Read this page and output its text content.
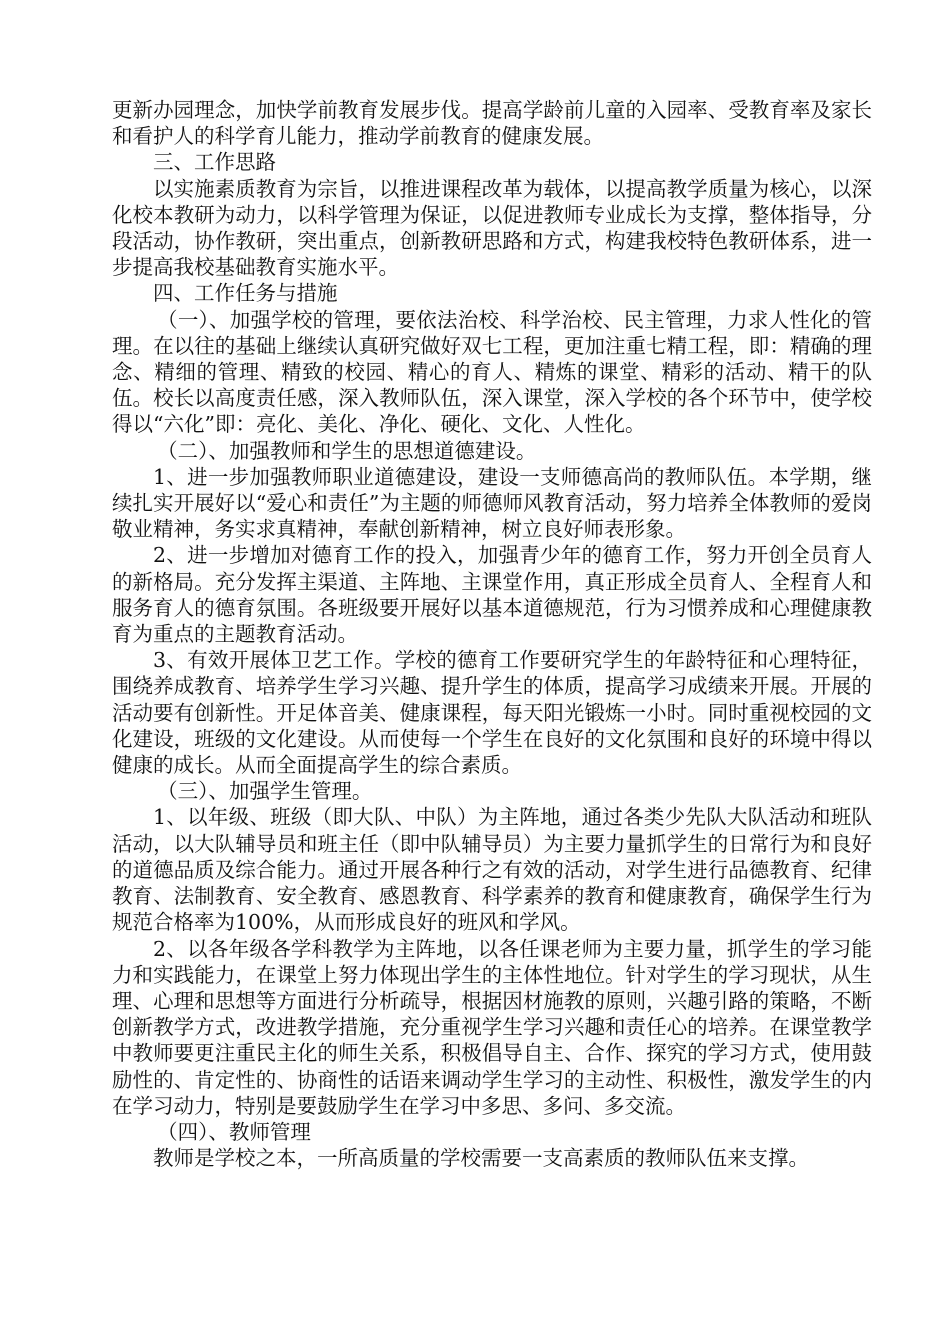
更新办园理念，加快学前教育发展步伐。提高学龄前儿童的入园率、受教育率及家长和看护人的科学育儿能力，推动学前教育的健康发展。

三、工作思路

以实施素质教育为宗旨，以推进课程改革为载体，以提高教学质量为核心，以深化校本教研为动力，以科学管理为保证，以促进教师专业成长为支撑，整体指导，分段活动，协作教研，突出重点，创新教研思路和方式，构建我校特色教研体系，进一步提高我校基础教育实施水平。

四、工作任务与措施

（一）、加强学校的管理，要依法治校、科学治校、民主管理，力求人性化的管理。在以往的基础上继续认真研究做好双七工程，更加注重七精工程，即：精确的理念、精细的管理、精致的校园、精心的育人、精炼的课堂、精彩的活动、精干的队伍。校长以高度责任感，深入教师队伍，深入课堂，深入学校的各个环节中，使学校得以“六化”即：亮化、美化、净化、硬化、文化、人性化。

（二）、加强教师和学生的思想道德建设。

1、进一步加强教师职业道德建设，建设一支师德高尚的教师队伍。本学期，继续扎实开展好以“爱心和责任”为主题的师德师风教育活动，努力培养全体教师的爱岗敬业精神，务实求真精神，奉献创新精神，树立良好师表形象。

2、进一步增加对德育工作的投入，加强青少年的德育工作，努力开创全员育人的新格局。充分发挥主渠道、主阵地、主课堂作用，真正形成全员育人、全程育人和服务育人的德育氛围。各班级要开展好以基本道德规范，行为习惯养成和心理健康教育为重点的主题教育活动。

3、有效开展体卫艺工作。学校的德育工作要研究学生的年龄特征和心理特征，围绕养成教育、培养学生学习兴趣、提升学生的体质，提高学习成绩来开展。开展的活动要有创新性。开足体音美、健康课程，每天阳光锻炼一小时。同时重视校园的文化建设，班级的文化建设。从而使每一个学生在良好的文化氛围和良好的环境中得以健康的成长。从而全面提高学生的综合素质。

（三）、加强学生管理。

1、以年级、班级（即大队、中队）为主阵地，通过各类少先队大队活动和班队活动，以大队辅导员和班主任（即中队辅导员）为主要力量抓学生的日常行为和良好的道德品质及综合能力。通过开展各种行之有效的活动，对学生进行品德教育、纪律教育、法制教育、安全教育、感恩教育、科学素养的教育和健康教育，确保学生行为规范合格率为100%，从而形成良好的班风和学风。

2、以各年级各学科教学为主阵地，以各任课老师为主要力量，抓学生的学习能力和实践能力，在课堂上努力体现出学生的主体性地位。针对学生的学习现状，从生理、心理和思想等方面进行分析疏导，根据因材施教的原则，兴趣引路的策略，不断创新教学方式，改进教学措施，充分重视学生学习兴趣和责任心的培养。在课堂教学中教师要更注重民主化的师生关系，积极倡导自主、合作、探究的学习方式，使用鼓励性的、肯定性的、协商性的话语来调动学生学习的主动性、积极性，激发学生的内在学习动力，特别是要鼓励学生在学习中多思、多问、多交流。

（四）、教师管理

教师是学校之本，一所高质量的学校需要一支高素质的教师队伍来支撑。
